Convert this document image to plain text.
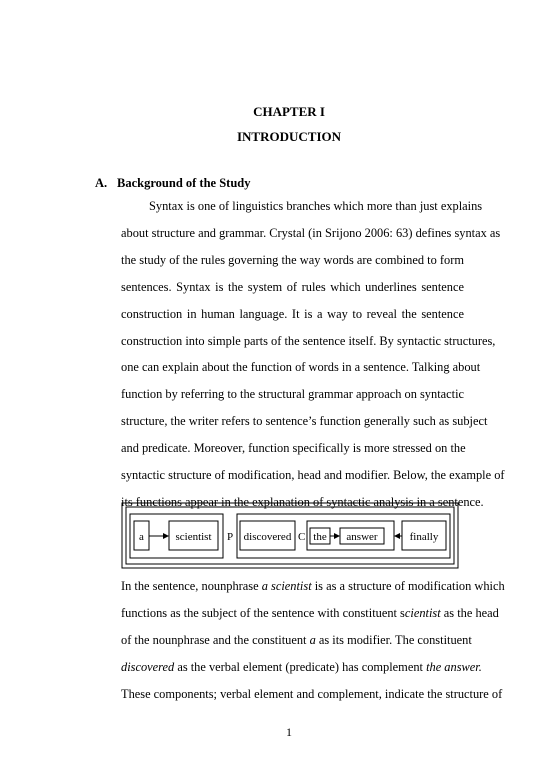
CHAPTER I
INTRODUCTION
A. Background of the Study
Syntax is one of linguistics branches which more than just explains
about structure and grammar. Crystal (in Srijono 2006: 63) defines syntax as
the study of the rules governing the way words are combined to form
sentences. Syntax is the system of rules which underlines sentence
construction in human language. It is a way to reveal the sentence
construction into simple parts of the sentence itself. By syntactic structures,
one can explain about the function of words in a sentence. Talking about
function by referring to the structural grammar approach on syntactic
structure, the writer refers to sentence’s function generally such as subject
and predicate. Moreover, function specifically is more stressed on the
syntactic structure of modification, head and modifier. Below, the example of
its functions appear in the explanation of syntactic analysis in a sentence.
a	scientist P discovered C the answer	finally
In the sentence, nounphrase a scientist is as a structure of modification which
functions as the subject of the sentence with constituent scientist as the head
of the nounphrase and the constituent a as its modifier. The constituent
discovered as the verbal element (predicate) has complement the answer.
These components; verbal element and complement, indicate the structure of
1
